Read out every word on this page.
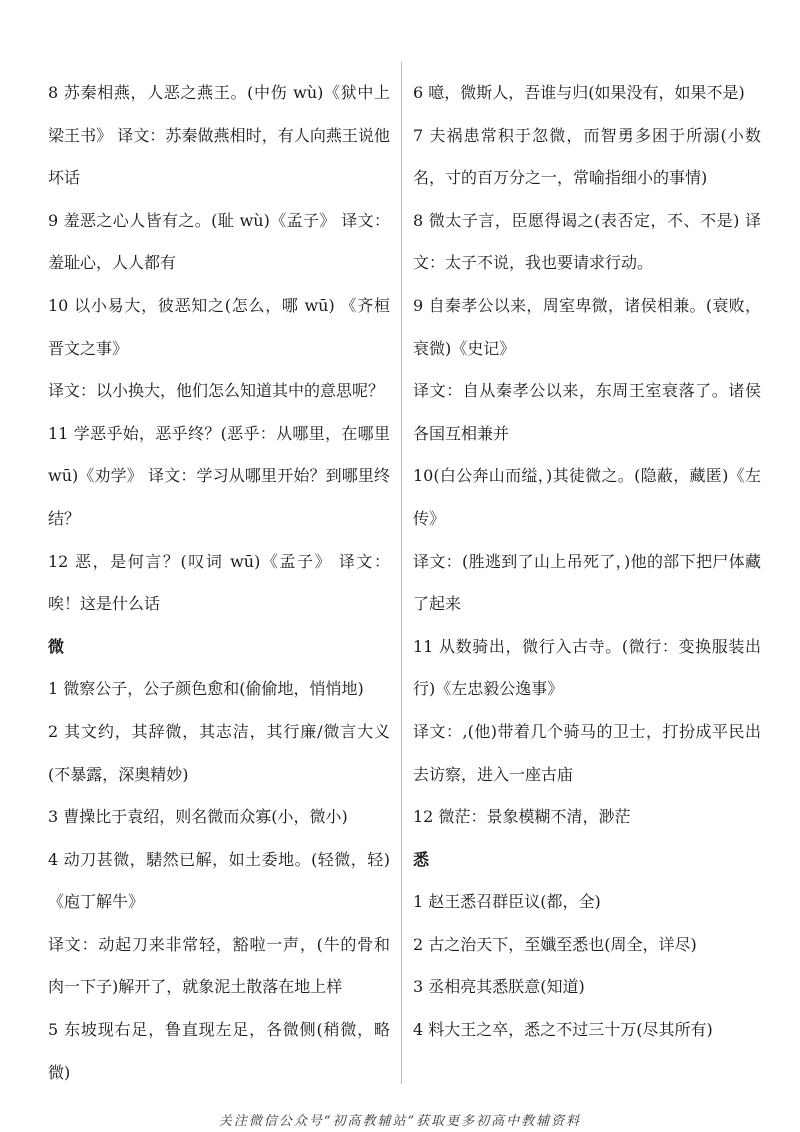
8 苏秦相燕，人恶之燕王。(中伤 wù)《狱中上梁王书》 译文：苏秦做燕相时，有人向燕王说他坏话

9 羞恶之心人皆有之。(耻 wù)《孟子》 译文：羞耻心，人人都有

10 以小易大，彼恶知之(怎么，哪 wū) 《齐桓晋文之事》

译文：以小换大，他们怎么知道其中的意思呢？

11 学恶乎始，恶乎终？(恶乎：从哪里，在哪里wū)《劝学》 译文：学习从哪里开始？到哪里终结？

12 恶，是何言？(叹词 wū)《孟子》 译文：唉！这是什么话

微

1 微察公子，公子颜色愈和(偷偷地，悄悄地)

2 其文约，其辞微，其志洁，其行廉/微言大义(不暴露，深奥精妙)

3 曹操比于袁绍，则名微而众寡(小，微小)

4 动刀甚微，騞然已解，如土委地。(轻微，轻) 《庖丁解牛》

译文：动起刀来非常轻，豁啦一声，(牛的骨和肉一下子)解开了，就象泥土散落在地上样

5 东坡现右足，鲁直现左足，各微侧(稍微，略微)

6 噫，微斯人，吾谁与归(如果没有，如果不是)

7 夫祸患常积于忽微，而智勇多困于所溺(小数名，寸的百万分之一，常喻指细小的事情)

8 微太子言，臣愿得谒之(表否定，不、不是) 译文：太子不说，我也要请求行动。

9 自秦孝公以来，周室卑微，诸侯相兼。(衰败，衰微)《史记》

译文：自从秦孝公以来，东周王室衰落了。诸侯各国互相兼并

10(白公奔山而缢，)其徒微之。(隐蔽，藏匿)《左传》

译文：(胜逃到了山上吊死了，)他的部下把尸体藏了起来

11 从数骑出，微行入古寺。(微行：变换服装出行)《左忠毅公逸事》

译文：,(他)带着几个骑马的卫士，打扮成平民出去访察，进入一座古庙

12 微茫：景象模糊不清，渺茫

悉

1 赵王悉召群臣议(都，全)

2 古之治天下，至孅至悉也(周全，详尽)

3 丞相亮其悉朕意(知道)

4 料大王之卒，悉之不过三十万(尽其所有)

关注微信公众号“初高教辅站”获取更多初高中教辅资料
